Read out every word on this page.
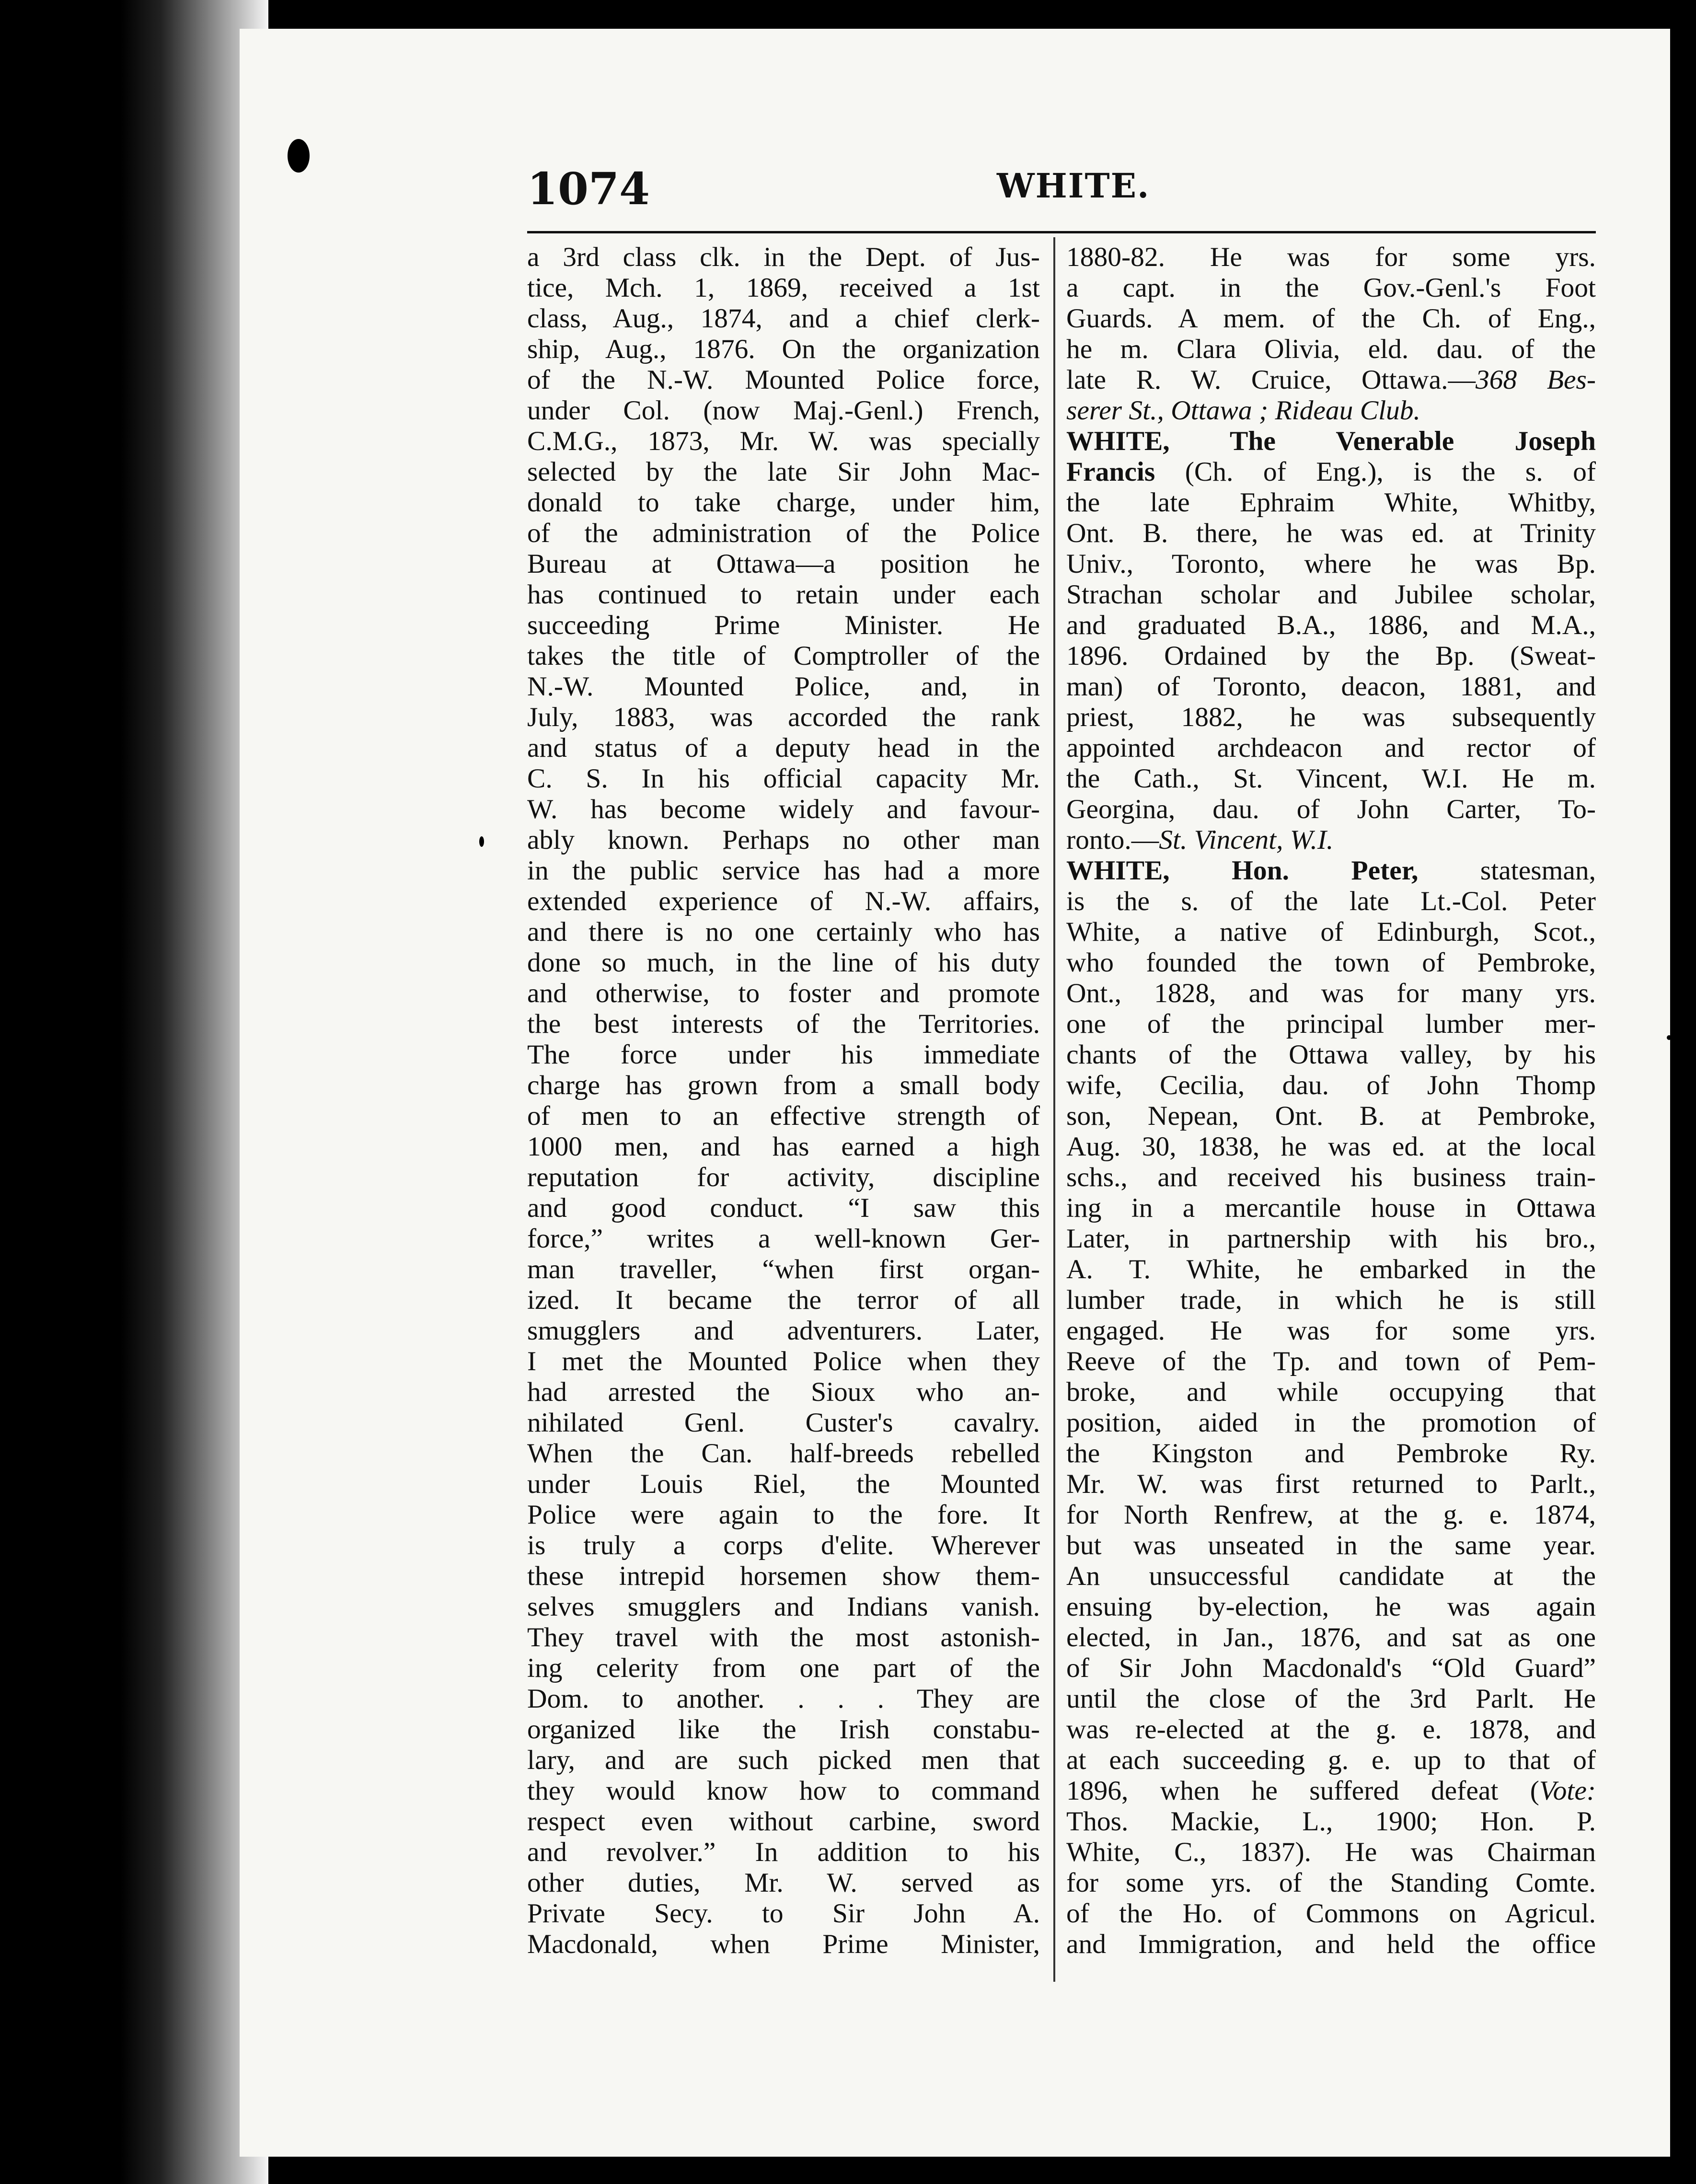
1074	WHITE.
a 3rd class clk. in the Dept. of Jus-
tice, Mch. 1, 1869, received a 1st
class, Aug., 1874, and a chief clerk-
ship, Aug., 1876. On the organization
of the N.-W. Mounted Police force,
under Col. (now Maj.-Genl.) French,
C.M.G., 1873, Mr. W. was specially
selected by the late Sir John Mac-
donald to take charge, under him,
of the administration of the Police
Bureau at Ottawa—a position he
has continued to retain under each
succeeding Prime Minister. He
takes the title of Comptroller of the
N.-W. Mounted Police, and, in
July, 1883, was accorded the rank
and status of a deputy head in the
C. S. In his official capacity Mr.
W. has become widely and favour-
ably known. Perhaps no other man
in the public service has had a more
extended experience of N.-W. affairs,
and there is no one certainly who has
done so much, in the line of his duty
and otherwise, to foster and promote
the best interests of the Territories.
The force under his immediate
charge has grown from a small body
of men to an effective strength of
1000 men, and has earned a high
reputation for activity, discipline
and good conduct. “I saw this
force,” writes a well-known Ger-
man traveller, “when first organ-
ized. It became the terror of all
smugglers and adventurers. Later,
I met the Mounted Police when they
had arrested the Sioux who an-
nihilated Genl. Custer's cavalry.
When the Can. half-breeds rebelled
under Louis Riel, the Mounted
Police were again to the fore. It
is truly a corps d'elite. Wherever
these intrepid horsemen show them-
selves smugglers and Indians vanish.
They travel with the most astonish-
ing celerity from one part of the
Dom. to another. . . . They are
organized like the Irish constabu-
lary, and are such picked men that
they would know how to command
respect even without carbine, sword
and revolver.” In addition to his
other duties, Mr. W. served as
Private Secy. to Sir John A.
Macdonald, when Prime Minister,
1880-82. He was for some yrs.
a capt. in the Gov.-Genl.'s Foot
Guards. A mem. of the Ch. of Eng.,
he m. Clara Olivia, eld. dau. of the
late R. W. Cruice, Ottawa.—368 Bes-
serer St., Ottawa ; Rideau Club.
WHITE, The Venerable Joseph
Francis (Ch. of Eng.), is the s. of
the late Ephraim White, Whitby,
Ont. B. there, he was ed. at Trinity
Univ., Toronto, where he was Bp.
Strachan scholar and Jubilee scholar,
and graduated B.A., 1886, and M.A.,
1896. Ordained by the Bp. (Sweat-
man) of Toronto, deacon, 1881, and
priest, 1882, he was subsequently
appointed archdeacon and rector of
the Cath., St. Vincent, W.I. He m.
Georgina, dau. of John Carter, To-
ronto.—St. Vincent, W.I.
WHITE, Hon. Peter, statesman,
is the s. of the late Lt.-Col. Peter
White, a native of Edinburgh, Scot.,
who founded the town of Pembroke,
Ont., 1828, and was for many yrs.
one of the principal lumber mer-
chants of the Ottawa valley, by his
wife, Cecilia, dau. of John Thomp
son, Nepean, Ont. B. at Pembroke,
Aug. 30, 1838, he was ed. at the local
schs., and received his business train-
ing in a mercantile house in Ottawa
Later, in partnership with his bro.,
A. T. White, he embarked in the
lumber trade, in which he is still
engaged. He was for some yrs.
Reeve of the Tp. and town of Pem-
broke, and while occupying that
position, aided in the promotion of
the Kingston and Pembroke Ry.
Mr. W. was first returned to Parlt.,
for North Renfrew, at the g. e. 1874,
but was unseated in the same year.
An unsuccessful candidate at the
ensuing by-election, he was again
elected, in Jan., 1876, and sat as one
of Sir John Macdonald's “Old Guard”
until the close of the 3rd Parlt. He
was re-elected at the g. e. 1878, and
at each succeeding g. e. up to that of
1896, when he suffered defeat (Vote:
Thos. Mackie, L., 1900; Hon. P.
White, C., 1837). He was Chairman
for some yrs. of the Standing Comte.
of the Ho. of Commons on Agricul.
and Immigration, and held the office
